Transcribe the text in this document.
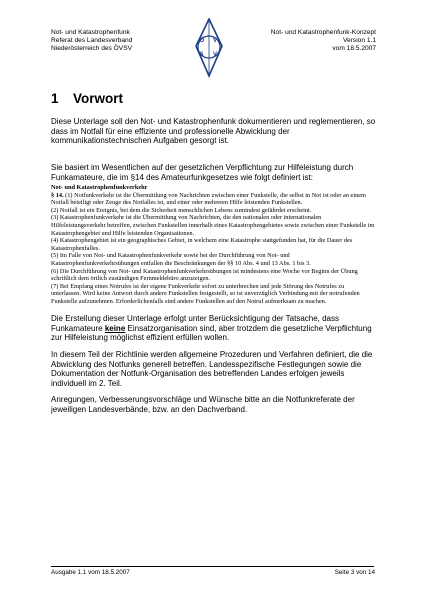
Not- und Katastrophenfunk
Referat des Landesverband
Niederösterreich des ÖVSV
Ö V
S V
Not- und Katastrophenfunk-Konzept
Version 1.1
vom 18.5.2007
1 Vorwort

Diese Unterlage soll den Not- und Katastrophenfunk dokumentieren und reglementieren, so dass im Notfall für eine effiziente und professionelle Abwicklung der kommunikationstechnischen Aufgaben gesorgt ist.

Sie basiert im Wesentlichen auf der gesetzlichen Verpflichtung zur Hilfeleistung durch Funkamateure, die im §14 des Amateurfunkgesetzes wie folgt definiert ist:

Not- und Katastrophenfunkverkehr

§ 14. (1) Notfunkverkehr ist die Übermittlung von Nachrichten zwischen einer Funkstelle, die selbst in Not ist oder an einem Notfall beteiligt oder Zeuge des Notfalles ist, und einer oder mehreren Hilfe leistenden Funkstellen.

(2) Notfall ist ein Ereignis, bei dem die Sicherheit menschlichen Lebens zumindest gefährdet erscheint.

(3) Katastrophenfunkverkehr ist die Übermittlung von Nachrichten, die den nationalen oder internationalen Hilfeleistungsverkehr betreffen, zwischen Funkstellen innerhalb eines Katastrophengebietes sowie zwischen einer Funkstelle im Katastrophengebiet und Hilfe leistenden Organisationen.

(4) Katastrophengebiet ist ein geographisches Gebiet, in welchem eine Katastrophe stattgefunden hat, für die Dauer des Katastrophenfalles.

(5) Im Falle von Not- und Katastrophenfunkverkehr sowie bei der Durchführung von Not- und Katastrophenfunkverkehrsübungen entfallen die Beschränkungen der §§ 10 Abs. 4 und 13 Abs. 1 bis 3.

(6) Die Durchführung von Not- und Katastrophenfunkverkehrsübungen ist mindestens eine Woche vor Beginn der Übung schriftlich dem örtlich zuständigen Fernmeldebüro anzuzeigen.

(7) Bei Empfang eines Notrufes ist der eigene Funkverkehr sofort zu unterbrechen und jede Störung des Notrufes zu unterlassen. Wird keine Antwort durch andere Funkstellen festgestellt, so ist unverzüglich Verbindung mit der notrufenden Funkstelle aufzunehmen. Erforderlichenfalls sind andere Funkstellen auf den Notruf aufmerksam zu machen.

Die Erstellung dieser Unterlage erfolgt unter Berücksichtigung der Tatsache, dass Funkamateure keine Einsatzorganisation sind, aber trotzdem die gesetzliche Verpflichtung zur Hilfeleistung möglichst effizient erfüllen wollen.

In diesem Teil der Richtlinie werden allgemeine Prozeduren und Verfahren definiert, die die Abwicklung des Notfunks generell betreffen. Landesspezifische Festlegungen sowie die Dokumentation der Notfunk-Organisation des betreffenden Landes erfolgen jeweils individuell im 2. Teil.

Anregungen, Verbesserungsvorschläge und Wünsche bitte an die Notfunkreferate der jeweiligen Landesverbände, bzw. an den Dachverband.

Ausgabe 1.1 vom 18.5.2007	Seite 3 von 14
